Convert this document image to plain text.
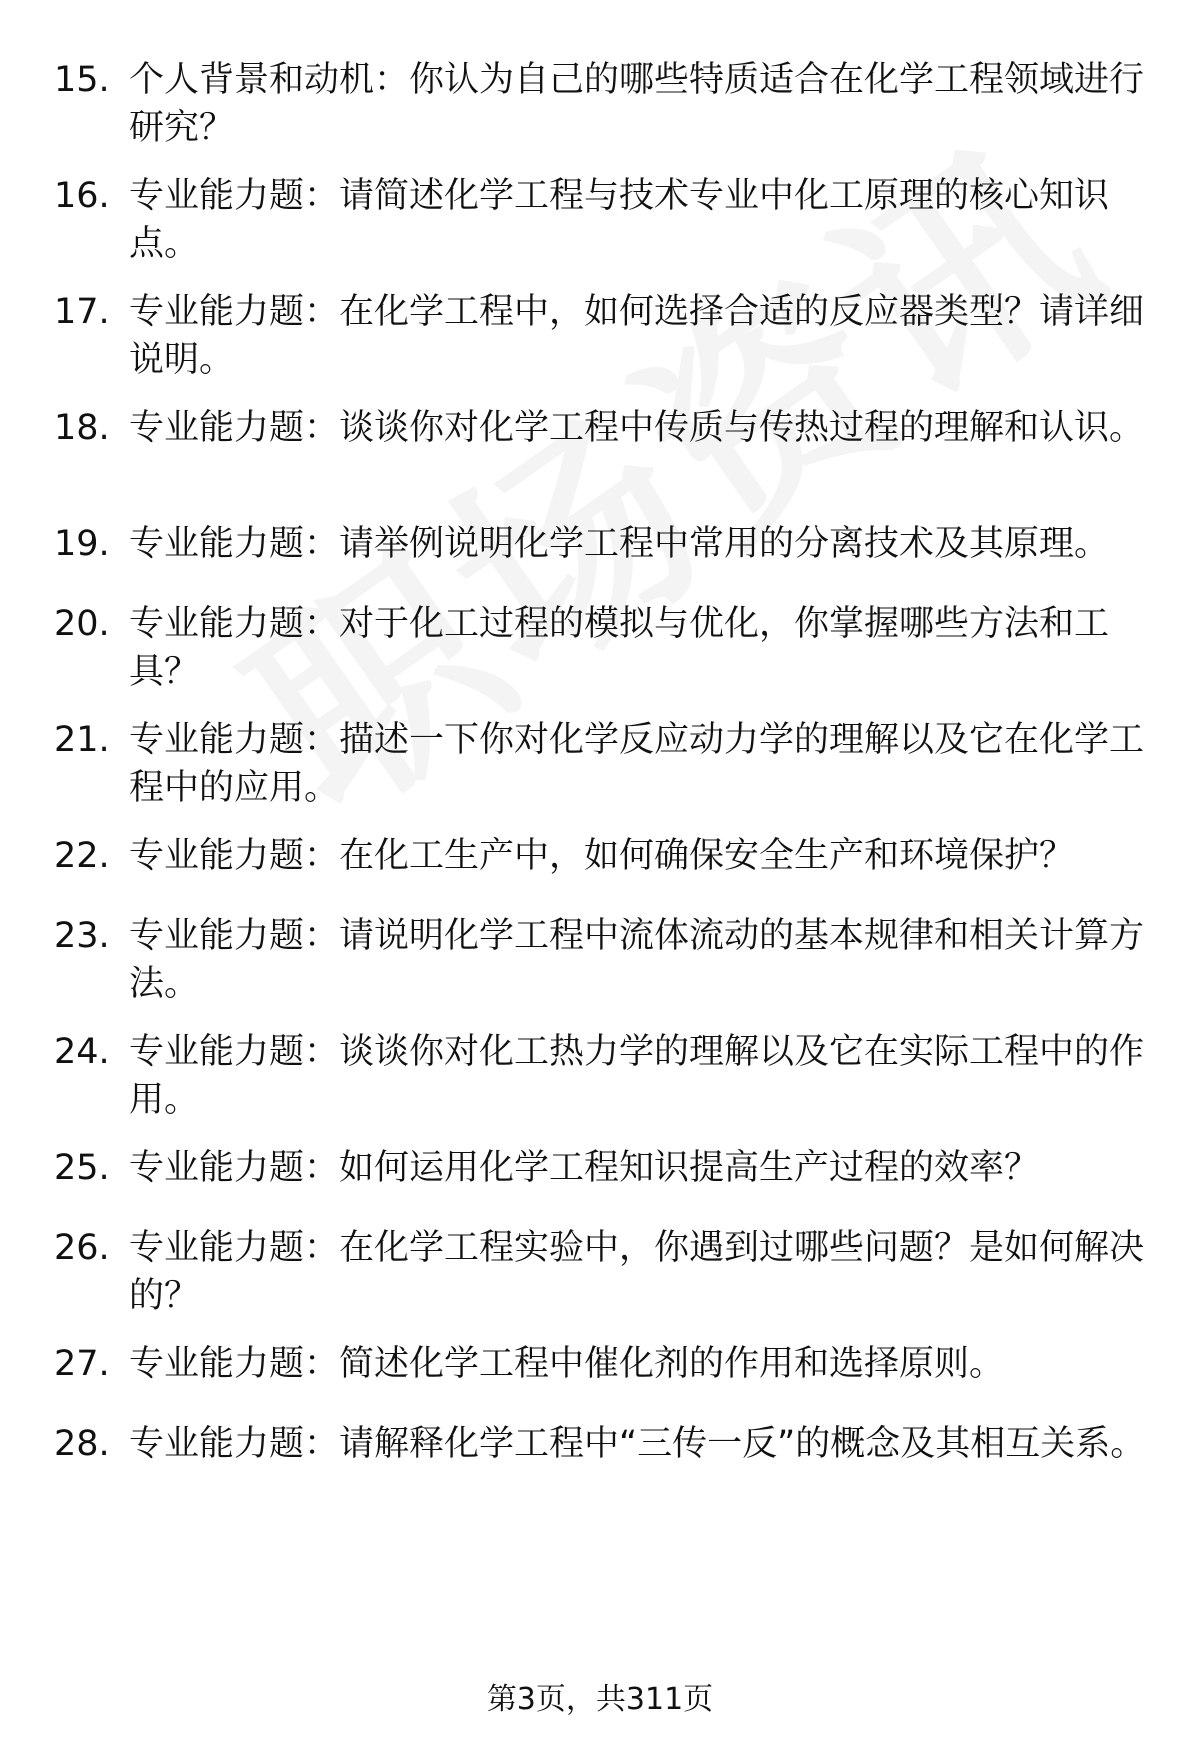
15. 个人背景和动机：你认为自己的哪些特质适合在化学工程领域进行研究？
16. 专业能力题：请简述化学工程与技术专业中化工原理的核心知识点。
17. 专业能力题：在化学工程中，如何选择合适的反应器类型？请详细说明。
18. 专业能力题：谈谈你对化学工程中传质与传热过程的理解和认识。
19. 专业能力题：请举例说明化学工程中常用的分离技术及其原理。
20. 专业能力题：对于化工过程的模拟与优化，你掌握哪些方法和工具？
21. 专业能力题：描述一下你对化学反应动力学的理解以及它在化学工程中的应用。
22. 专业能力题：在化工生产中，如何确保安全生产和环境保护？
23. 专业能力题：请说明化学工程中流体流动的基本规律和相关计算方法。
24. 专业能力题：谈谈你对化工热力学的理解以及它在实际工程中的作用。
25. 专业能力题：如何运用化学工程知识提高生产过程的效率？
26. 专业能力题：在化学工程实验中，你遇到过哪些问题？是如何解决的？
27. 专业能力题：简述化学工程中催化剂的作用和选择原则。
28. 专业能力题：请解释化学工程中“三传一反”的概念及其相互关系。
第3页，共311页
